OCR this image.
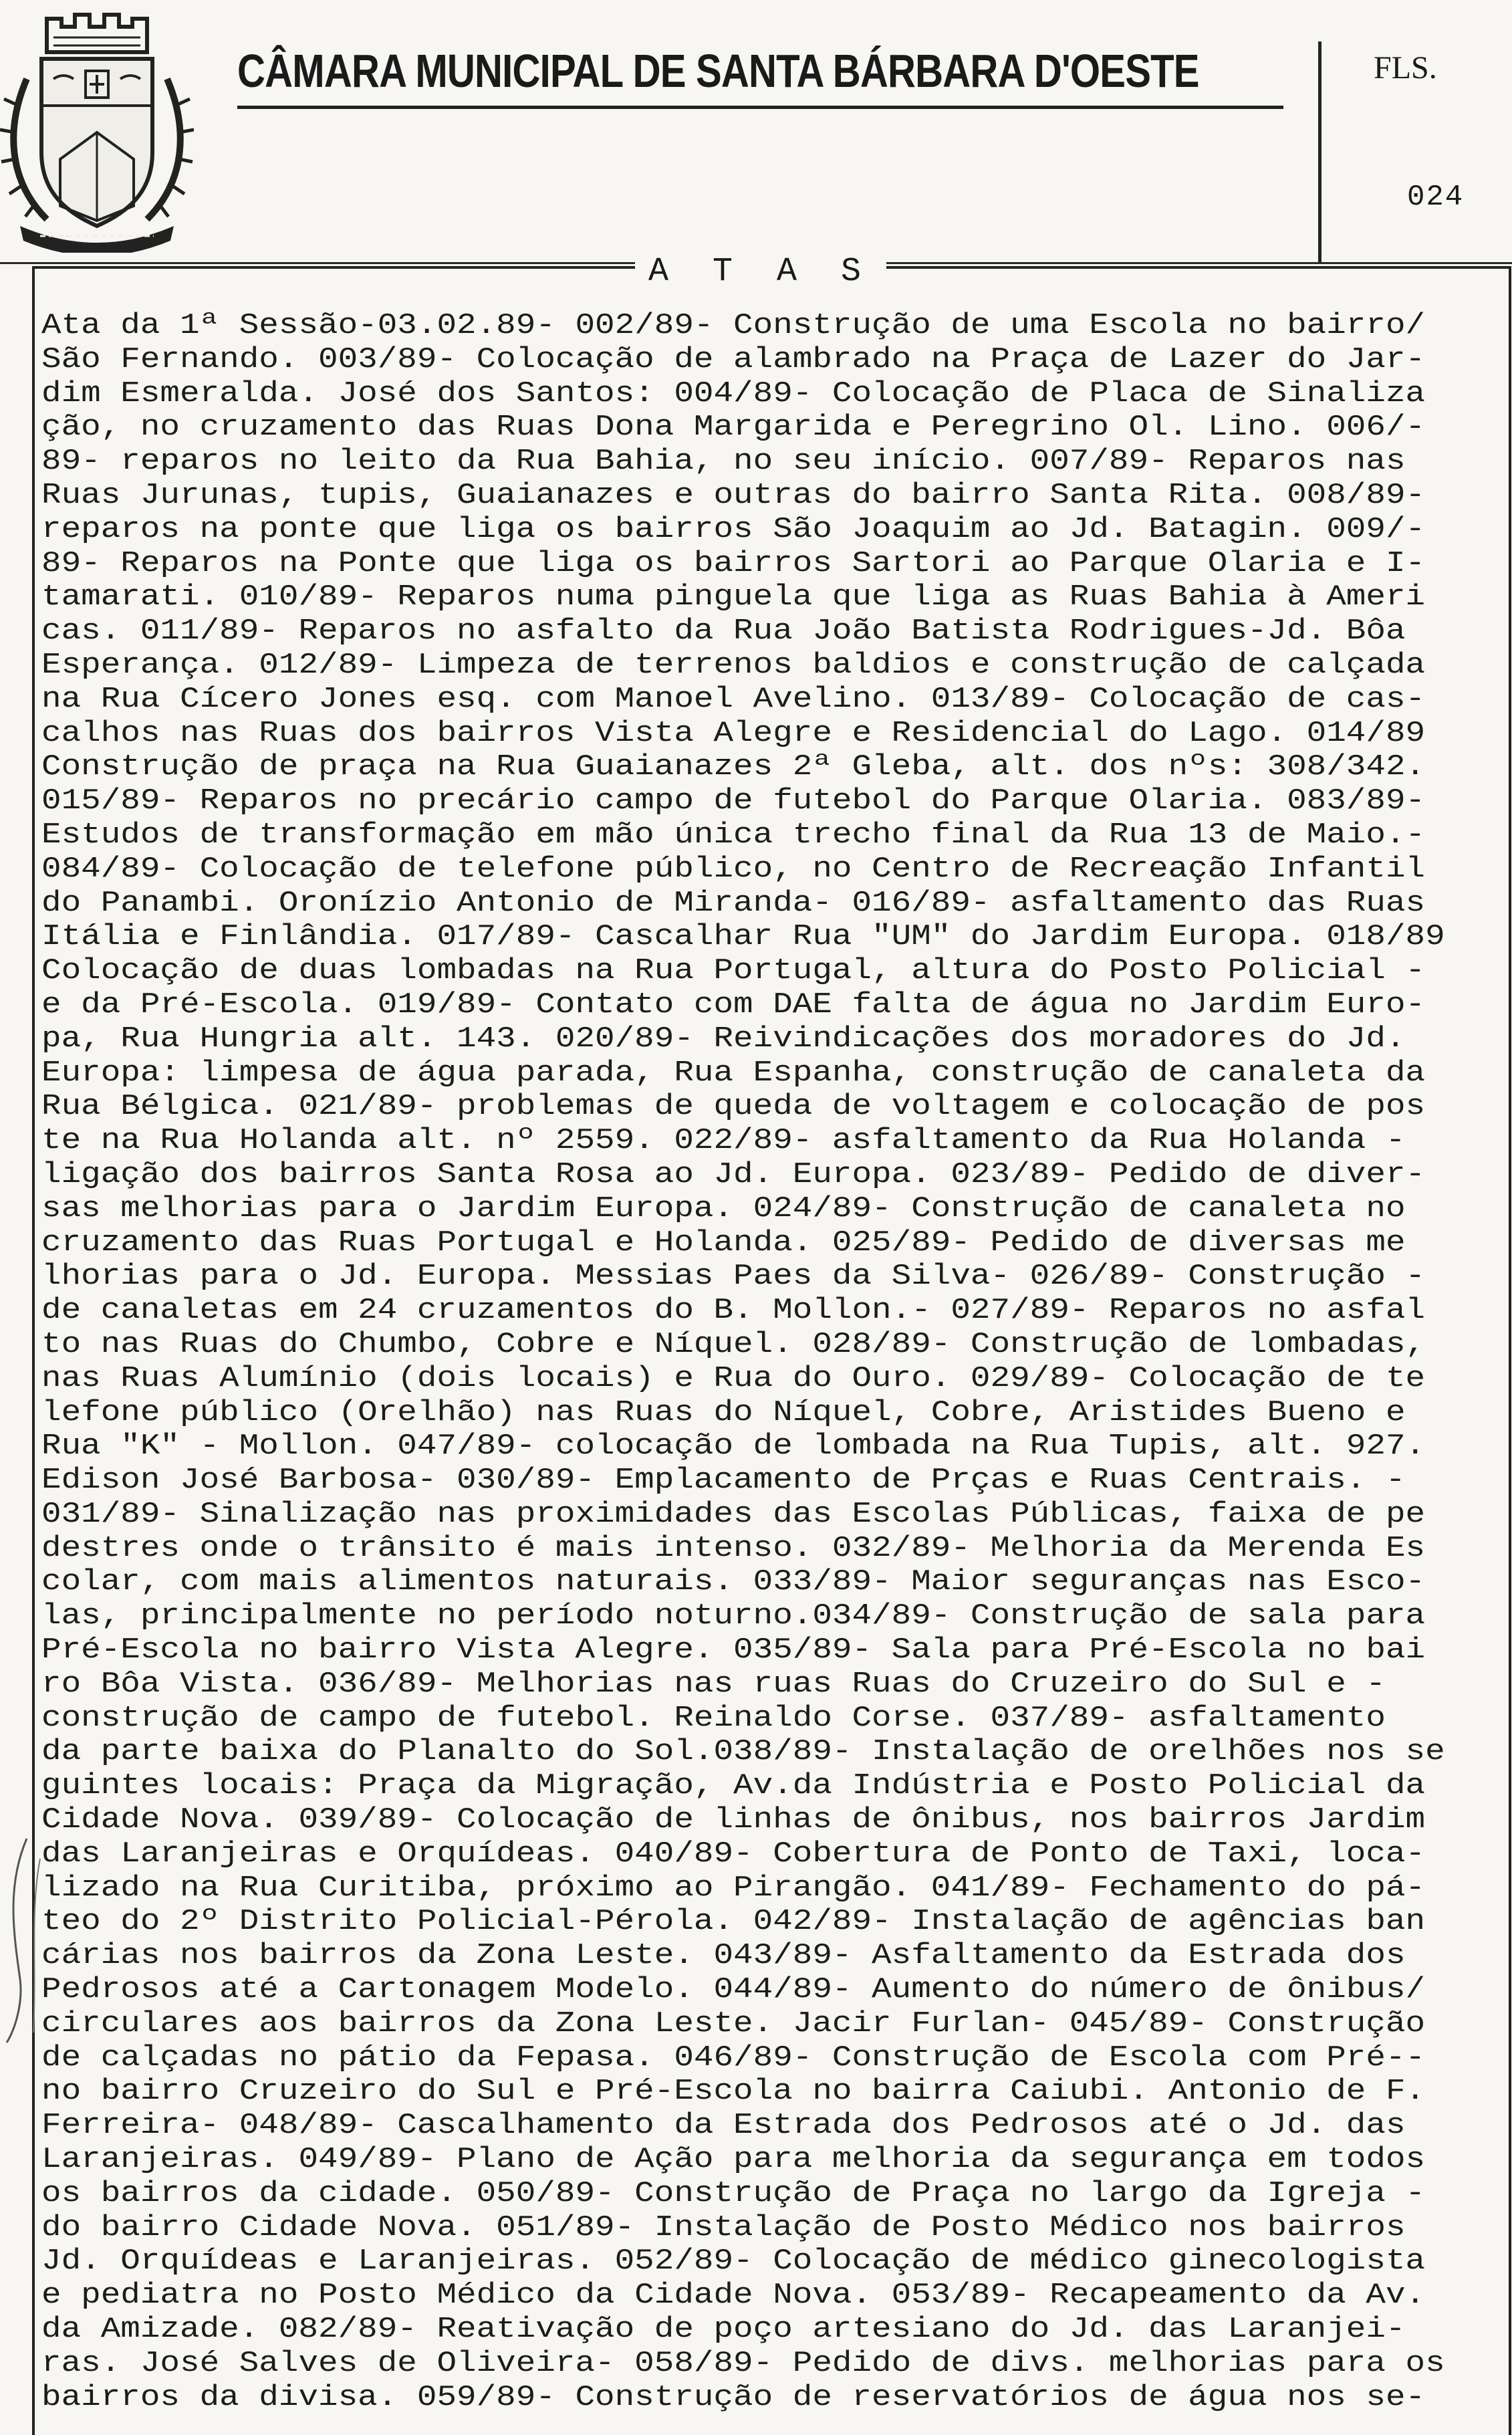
CÂMARA MUNICIPAL DE SANTA BÁRBARA D'OESTE	FLS.
024
A T A S
Ata da 1ª Sessão-03.02.89- 002/89- Construção de uma Escola no bairro/
São Fernando. 003/89- Colocação de alambrado na Praça de Lazer do Jar-
dim Esmeralda. José dos Santos: 004/89- Colocação de Placa de Sinaliza
ção, no cruzamento das Ruas Dona Margarida e Peregrino Ol. Lino. 006/-
89- reparos no leito da Rua Bahia, no seu início. 007/89- Reparos nas
Ruas Jurunas, tupis, Guaianazes e outras do bairro Santa Rita. 008/89-
reparos na ponte que liga os bairros São Joaquim ao Jd. Batagin. 009/-
89- Reparos na Ponte que liga os bairros Sartori ao Parque Olaria e I-
tamarati. 010/89- Reparos numa pinguela que liga as Ruas Bahia à Ameri
cas. 011/89- Reparos no asfalto da Rua João Batista Rodrigues-Jd. Bôa
Esperança. 012/89- Limpeza de terrenos baldios e construção de calçada
na Rua Cícero Jones esq. com Manoel Avelino. 013/89- Colocação de cas-
calhos nas Ruas dos bairros Vista Alegre e Residencial do Lago. 014/89
Construção de praça na Rua Guaianazes 2ª Gleba, alt. dos nºs: 308/342.
015/89- Reparos no precário campo de futebol do Parque Olaria. 083/89-
Estudos de transformação em mão única trecho final da Rua 13 de Maio.-
084/89- Colocação de telefone público, no Centro de Recreação Infantil
do Panambi. Oronízio Antonio de Miranda- 016/89- asfaltamento das Ruas
Itália e Finlândia. 017/89- Cascalhar Rua "UM" do Jardim Europa. 018/89
Colocação de duas lombadas na Rua Portugal, altura do Posto Policial -
e da Pré-Escola. 019/89- Contato com DAE falta de água no Jardim Euro-
pa, Rua Hungria alt. 143. 020/89- Reivindicações dos moradores do Jd.
Europa: limpesa de água parada, Rua Espanha, construção de canaleta da
Rua Bélgica. 021/89- problemas de queda de voltagem e colocação de pos
te na Rua Holanda alt. nº 2559. 022/89- asfaltamento da Rua Holanda -
ligação dos bairros Santa Rosa ao Jd. Europa. 023/89- Pedido de diver-
sas melhorias para o Jardim Europa. 024/89- Construção de canaleta no
cruzamento das Ruas Portugal e Holanda. 025/89- Pedido de diversas me
lhorias para o Jd. Europa. Messias Paes da Silva- 026/89- Construção -
de canaletas em 24 cruzamentos do B. Mollon.- 027/89- Reparos no asfal
to nas Ruas do Chumbo, Cobre e Níquel. 028/89- Construção de lombadas,
nas Ruas Alumínio (dois locais) e Rua do Ouro. 029/89- Colocação de te
lefone público (Orelhão) nas Ruas do Níquel, Cobre, Aristides Bueno e
Rua "K" - Mollon. 047/89- colocação de lombada na Rua Tupis, alt. 927.
Edison José Barbosa- 030/89- Emplacamento de Prças e Ruas Centrais. -
031/89- Sinalização nas proximidades das Escolas Públicas, faixa de pe
destres onde o trânsito é mais intenso. 032/89- Melhoria da Merenda Es
colar, com mais alimentos naturais. 033/89- Maior seguranças nas Esco-
las, principalmente no período noturno.034/89- Construção de sala para
Pré-Escola no bairro Vista Alegre. 035/89- Sala para Pré-Escola no bai
ro Bôa Vista. 036/89- Melhorias nas ruas Ruas do Cruzeiro do Sul e -
construção de campo de futebol. Reinaldo Corse. 037/89- asfaltamento
da parte baixa do Planalto do Sol.038/89- Instalação de orelhões nos se
guintes locais: Praça da Migração, Av.da Indústria e Posto Policial da
Cidade Nova. 039/89- Colocação de linhas de ônibus, nos bairros Jardim
das Laranjeiras e Orquídeas. 040/89- Cobertura de Ponto de Taxi, loca-
lizado na Rua Curitiba, próximo ao Pirangão. 041/89- Fechamento do pá-
teo do 2º Distrito Policial-Pérola. 042/89- Instalação de agências ban
cárias nos bairros da Zona Leste. 043/89- Asfaltamento da Estrada dos
Pedrosos até a Cartonagem Modelo. 044/89- Aumento do número de ônibus/
circulares aos bairros da Zona Leste. Jacir Furlan- 045/89- Construção
de calçadas no pátio da Fepasa. 046/89- Construção de Escola com Pré--
no bairro Cruzeiro do Sul e Pré-Escola no bairra Caiubi. Antonio de F.
Ferreira- 048/89- Cascalhamento da Estrada dos Pedrosos até o Jd. das
Laranjeiras. 049/89- Plano de Ação para melhoria da segurança em todos
os bairros da cidade. 050/89- Construção de Praça no largo da Igreja -
do bairro Cidade Nova. 051/89- Instalação de Posto Médico nos bairros
Jd. Orquídeas e Laranjeiras. 052/89- Colocação de médico ginecologista
e pediatra no Posto Médico da Cidade Nova. 053/89- Recapeamento da Av.
da Amizade. 082/89- Reativação de poço artesiano do Jd. das Laranjei-
ras. José Salves de Oliveira- 058/89- Pedido de divs. melhorias para os
bairros da divisa. 059/89- Construção de reservatórios de água nos se-
